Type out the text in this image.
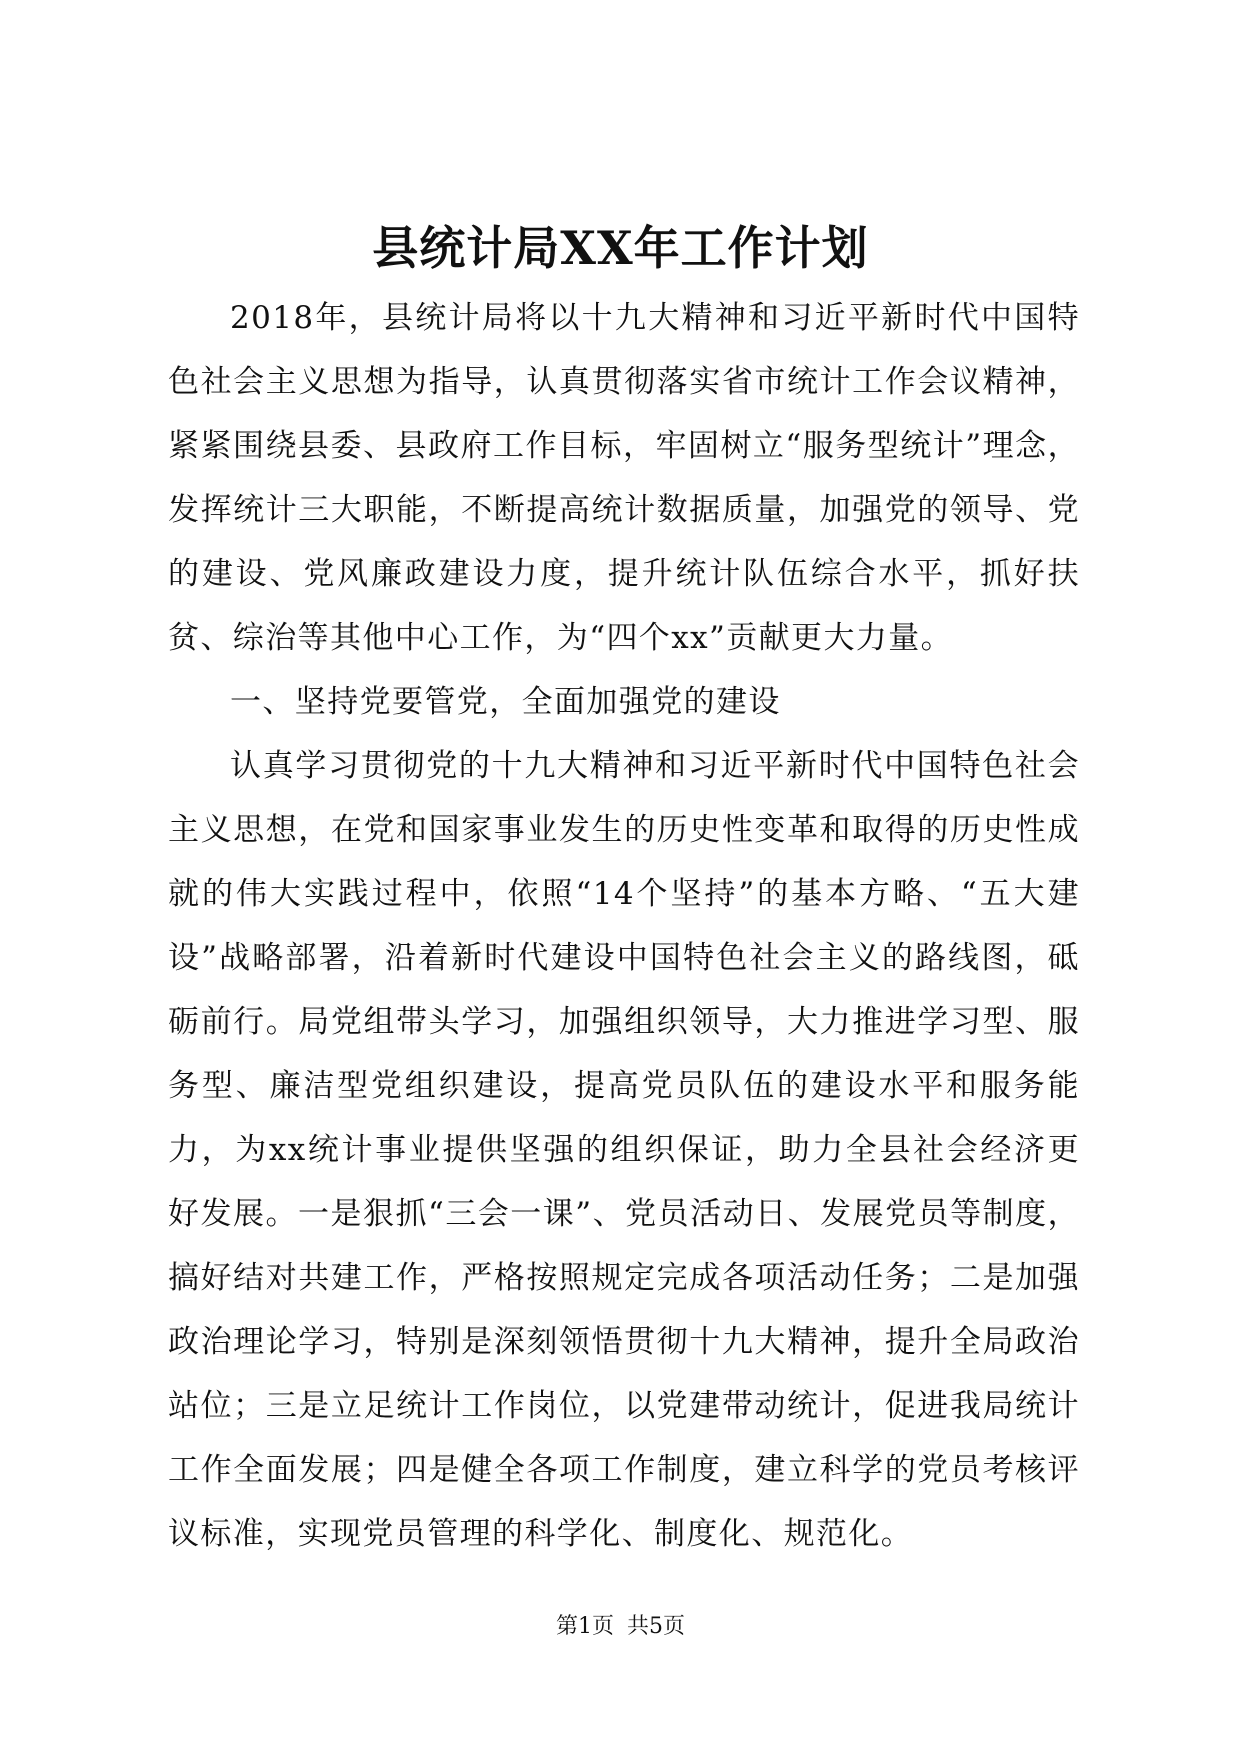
县统计局XX年工作计划

2018年，县统计局将以十九大精神和习近平新时代中国特色社会主义思想为指导，认真贯彻落实省市统计工作会议精神，紧紧围绕县委、县政府工作目标，牢固树立“服务型统计”理念，发挥统计三大职能，不断提高统计数据质量，加强党的领导、党的建设、党风廉政建设力度，提升统计队伍综合水平，抓好扶贫、综治等其他中心工作，为“四个xx”贡献更大力量。

一、坚持党要管党，全面加强党的建设

认真学习贯彻党的十九大精神和习近平新时代中国特色社会主义思想，在党和国家事业发生的历史性变革和取得的历史性成就的伟大实践过程中，依照“14个坚持”的基本方略、“五大建设”战略部署，沿着新时代建设中国特色社会主义的路线图，砥砺前行。局党组带头学习，加强组织领导，大力推进学习型、服务型、廉洁型党组织建设，提高党员队伍的建设水平和服务能力，为xx统计事业提供坚强的组织保证，助力全县社会经济更好发展。一是狠抓“三会一课”、党员活动日、发展党员等制度，搞好结对共建工作，严格按照规定完成各项活动任务；二是加强政治理论学习，特别是深刻领悟贯彻十九大精神，提升全局政治站位；三是立足统计工作岗位，以党建带动统计，促进我局统计工作全面发展；四是健全各项工作制度，建立科学的党员考核评议标准，实现党员管理的科学化、制度化、规范化。

第1页 共5页
